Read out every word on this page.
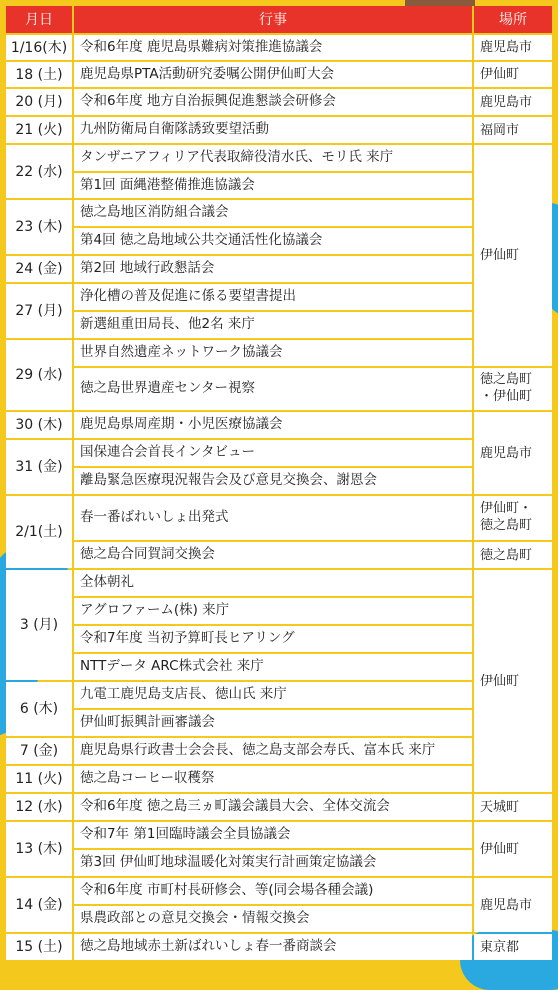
月日	行事	場所
1/16(木)
18 (土)
20 (月)
21 (火)
22 (水)
23 (木)
24 (金)
27 (月)
29 (水)
30 (木)
31 (金)
2/1(土)
3 (月)
6 (木)
7 (金)
11 (火)
12 (水)
13 (木)
14 (金)
15 (土)
令和6年度 鹿児島県難病対策推進協議会
鹿児島県PTA活動研究委嘱公開伊仙町大会
令和6年度 地方自治振興促進懇談会研修会
九州防衛局自衛隊誘致要望活動
タンザニアフィリア代表取締役清水氏、モリ氏 来庁
第1回 面縄港整備推進協議会
徳之島地区消防組合議会
第4回 徳之島地域公共交通活性化協議会
第2回 地域行政懇話会
浄化槽の普及促進に係る要望書提出
新選組重田局長、他2名 来庁
世界自然遺産ネットワーク協議会
徳之島世界遺産センター視察
鹿児島県周産期・小児医療協議会
国保連合会首長インタビュー
離島緊急医療現況報告会及び意見交換会、謝恩会
春一番ばれいしょ出発式
徳之島合同賀詞交換会
全体朝礼
アグロファーム(株) 来庁
令和7年度 当初予算町長ヒアリング
NTTデータ ARC株式会社 来庁
九電工鹿児島支店長、徳山氏 来庁
伊仙町振興計画審議会
鹿児島県行政書士会会長、徳之島支部会寿氏、富本氏 来庁
徳之島コーヒー収穫祭
令和6年度 徳之島三ヵ町議会議員大会、全体交流会
令和7年 第1回臨時議会全員協議会
第3回 伊仙町地球温暖化対策実行計画策定協議会
令和6年度 市町村長研修会、等(同会場各種会議)
県農政部との意見交換会・情報交換会
徳之島地域赤土新ばれいしょ春一番商談会
鹿児島市
伊仙町
鹿児島市
福岡市
伊仙町
徳之島町
・伊仙町
鹿児島市
伊仙町・
徳之島町
徳之島町
伊仙町
天城町
伊仙町
鹿児島市
東京都
